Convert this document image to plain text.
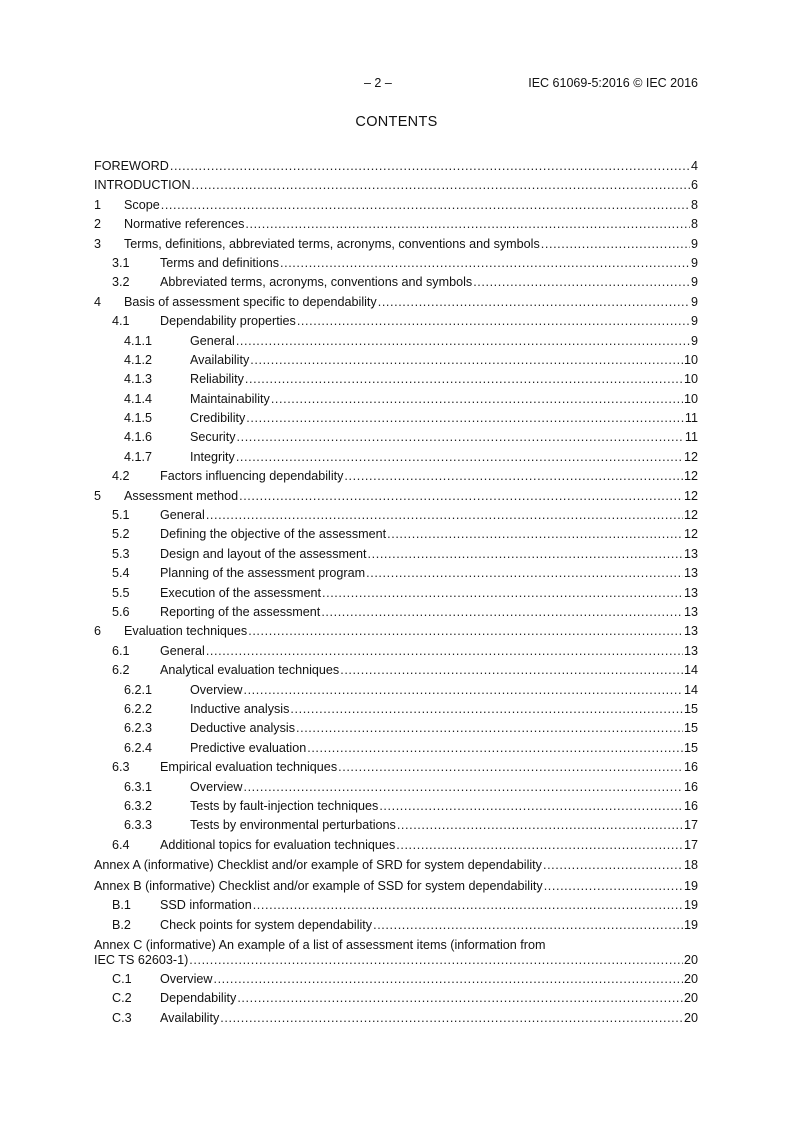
– 2 –	IEC 61069-5:2016 © IEC 2016
CONTENTS
FOREWORD .....	4
INTRODUCTION .....	6
1	Scope .....	8
2	Normative references .....	8
3	Terms, definitions, abbreviated terms, acronyms, conventions and symbols .....	9
3.1	Terms and definitions .....	9
3.2	Abbreviated terms, acronyms, conventions and symbols .....	9
4	Basis of assessment specific to dependability .....	9
4.1	Dependability properties .....	9
4.1.1	General .....	9
4.1.2	Availability .....	10
4.1.3	Reliability .....	10
4.1.4	Maintainability .....	10
4.1.5	Credibility .....	11
4.1.6	Security .....	11
4.1.7	Integrity .....	12
4.2	Factors influencing dependability .....	12
5	Assessment method .....	12
5.1	General .....	12
5.2	Defining the objective of the assessment .....	12
5.3	Design and layout of the assessment .....	13
5.4	Planning of the assessment program .....	13
5.5	Execution of the assessment .....	13
5.6	Reporting of the assessment .....	13
6	Evaluation techniques .....	13
6.1	General .....	13
6.2	Analytical evaluation techniques .....	14
6.2.1	Overview .....	14
6.2.2	Inductive analysis .....	15
6.2.3	Deductive analysis .....	15
6.2.4	Predictive evaluation .....	15
6.3	Empirical evaluation techniques .....	16
6.3.1	Overview .....	16
6.3.2	Tests by fault-injection techniques .....	16
6.3.3	Tests by environmental perturbations .....	17
6.4	Additional topics for evaluation techniques .....	17
Annex A (informative) Checklist and/or example of SRD for system dependability .....	18
Annex B (informative) Checklist and/or example of SSD for system dependability .....	19
B.1	SSD information .....	19
B.2	Check points for system dependability .....	19
Annex C (informative) An example of a list of assessment items (information from
IEC TS 62603-1) .....	20
C.1	Overview .....	20
C.2	Dependability .....	20
C.3	Availability .....	20
